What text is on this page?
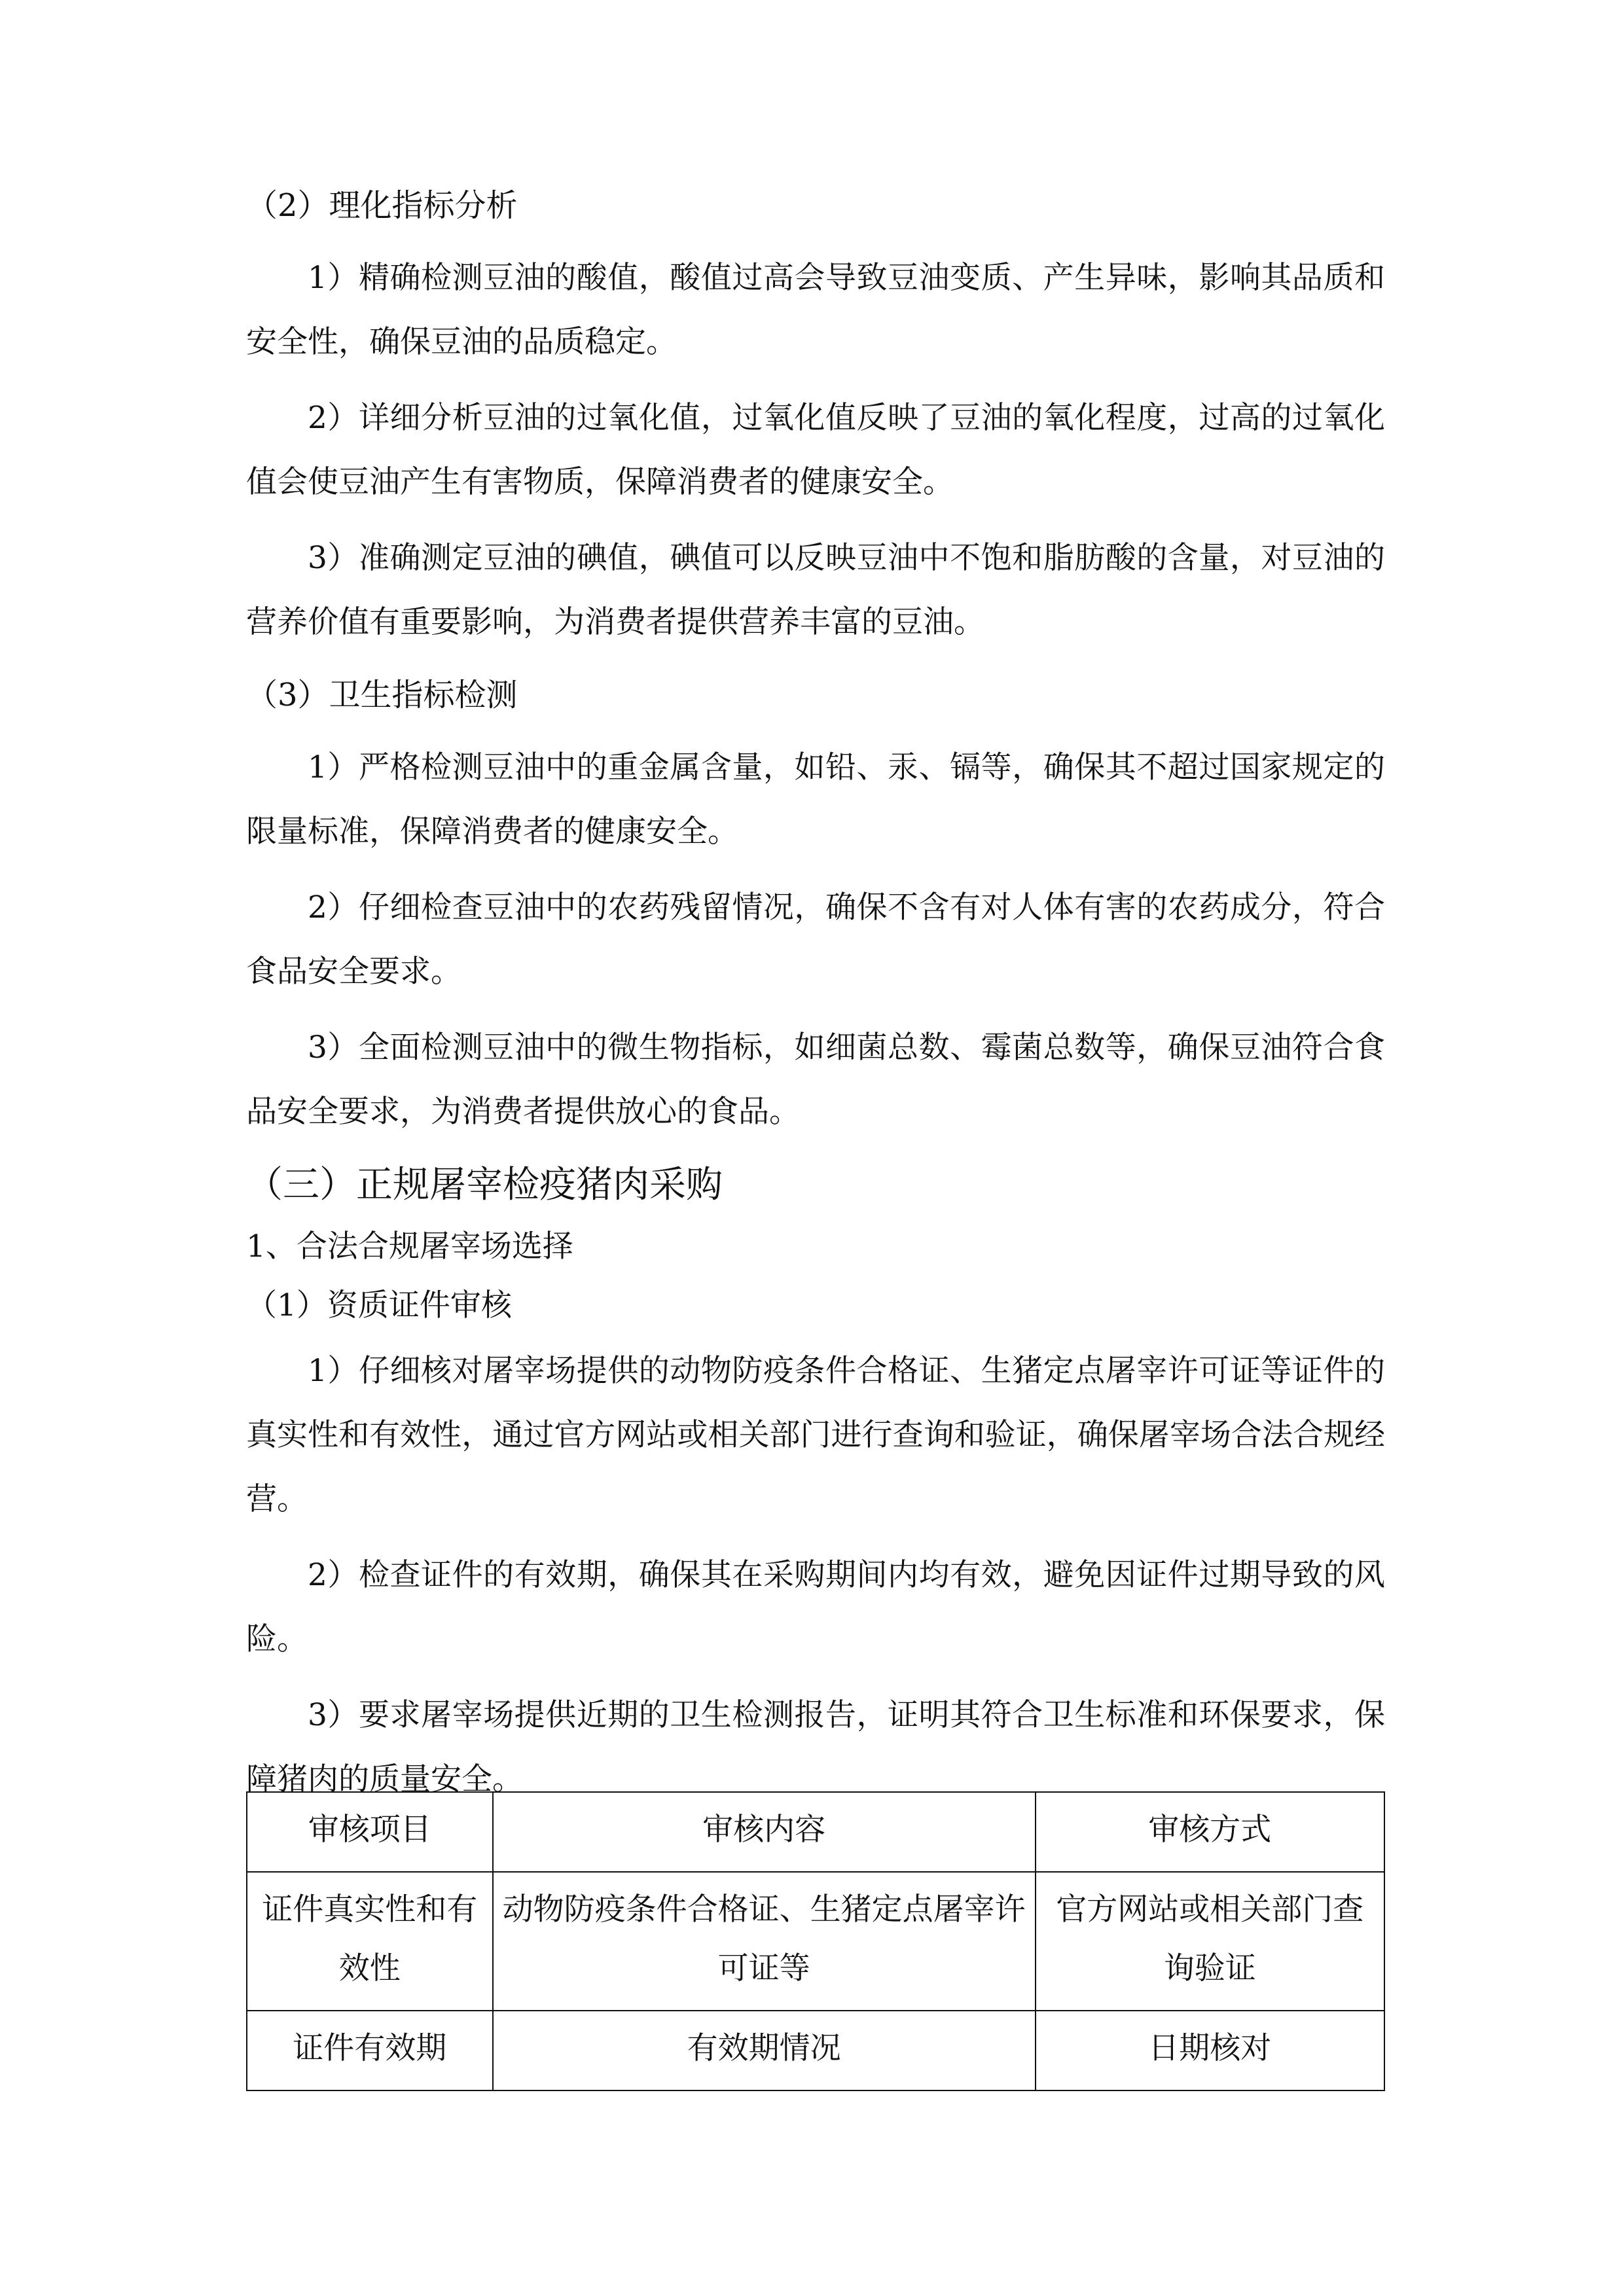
（2）理化指标分析

1）精确检测豆油的酸值，酸值过高会导致豆油变质、产生异味，影响其品质和安全性，确保豆油的品质稳定。

2）详细分析豆油的过氧化值，过氧化值反映了豆油的氧化程度，过高的过氧化值会使豆油产生有害物质，保障消费者的健康安全。

3）准确测定豆油的碘值，碘值可以反映豆油中不饱和脂肪酸的含量，对豆油的营养价值有重要影响，为消费者提供营养丰富的豆油。

（3）卫生指标检测

1）严格检测豆油中的重金属含量，如铅、汞、镉等，确保其不超过国家规定的限量标准，保障消费者的健康安全。

2）仔细检查豆油中的农药残留情况，确保不含有对人体有害的农药成分，符合食品安全要求。

3）全面检测豆油中的微生物指标，如细菌总数、霉菌总数等，确保豆油符合食品安全要求，为消费者提供放心的食品。

（三）正规屠宰检疫猪肉采购

1、合法合规屠宰场选择

（1）资质证件审核

1）仔细核对屠宰场提供的动物防疫条件合格证、生猪定点屠宰许可证等证件的真实性和有效性，通过官方网站或相关部门进行查询和验证，确保屠宰场合法合规经营。

2）检查证件的有效期，确保其在采购期间内均有效，避免因证件过期导致的风险。

3）要求屠宰场提供近期的卫生检测报告，证明其符合卫生标准和环保要求，保障猪肉的质量安全。

审核项目	审核内容	审核方式
证件真实性和有效性	动物防疫条件合格证、生猪定点屠宰许可证等	官方网站或相关部门查询验证
证件有效期	有效期情况	日期核对
